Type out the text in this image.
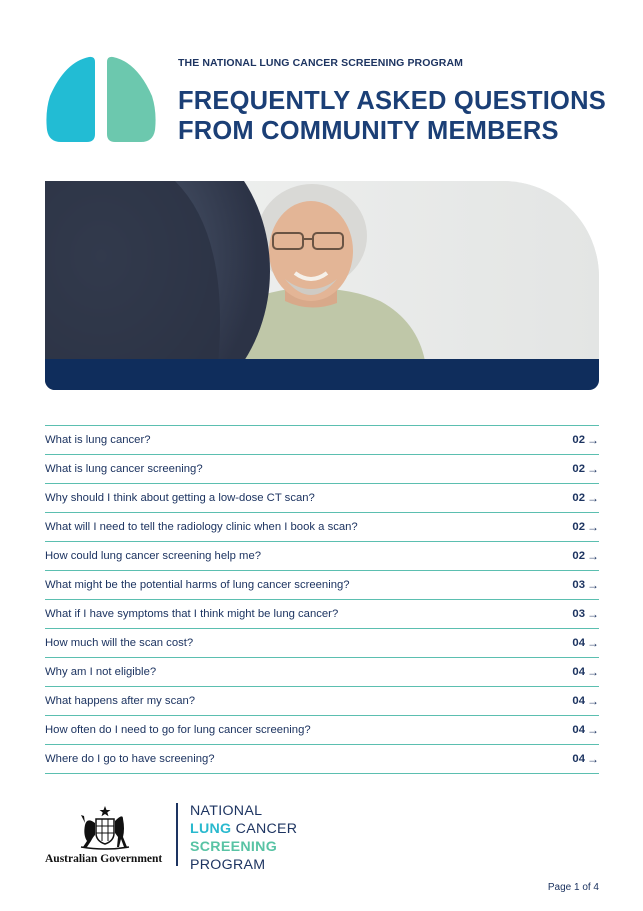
THE NATIONAL LUNG CANCER SCREENING PROGRAM
FREQUENTLY ASKED QUESTIONS
FROM COMMUNITY MEMBERS
What is lung cancer?	02 →
What is lung cancer screening?	02 →
Why should I think about getting a low-dose CT scan?	02 →
What will I need to tell the radiology clinic when I book a scan?	02 →
How could lung cancer screening help me?	02 →
What might be the potential harms of lung cancer screening?	03 →
What if I have symptoms that I think might be lung cancer?	03 →
How much will the scan cost?	04 →
Why am I not eligible?	04 →
What happens after my scan?	04 →
How often do I need to go for lung cancer screening?	04 →
Where do I go to have screening?	04 →
Australian Government
NATIONAL
LUNG CANCER
SCREENING
PROGRAM
Page 1 of 4
